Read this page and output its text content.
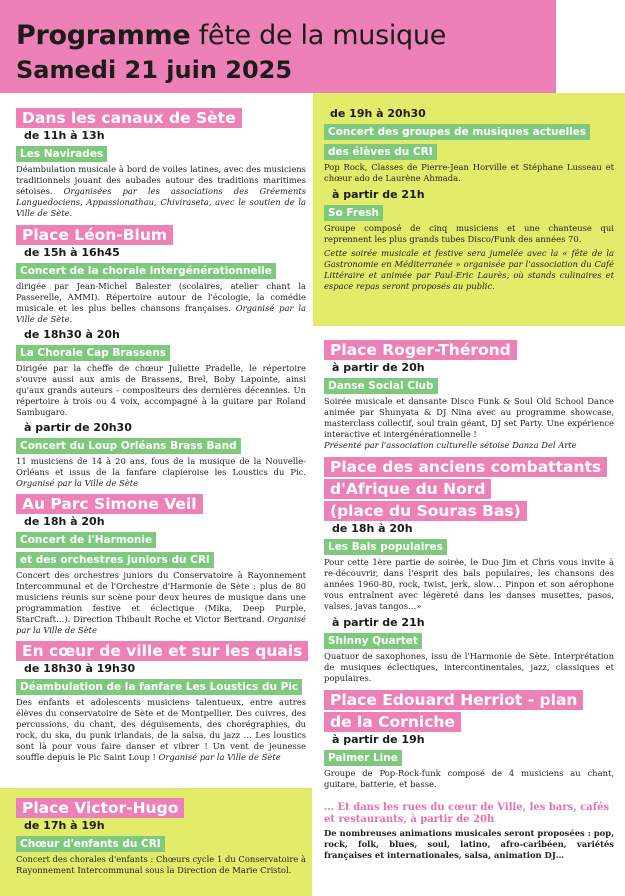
Programme fête de la musique
Samedi 21 juin 2025
Dans les canaux de Sète
de 11h à 13h
Les Navirades
Déambulation musicale à bord de voiles latines, avec des musiciens traditionnels jouant des aubades autour des traditions maritimes sétoises. Organisées par les associations des Gréements Languedociens, Appassionathau, Chiviraseta, avec le soutien de la Ville de Sète.
Place Léon-Blum
de 15h à 16h45
Concert de la chorale intergénérationnelle
dirigée par Jean-Michel Balester (scolaires, atelier chant la Passerelle, AMMI). Répertoire autour de l'écologie, la comédie musicale et les plus belles chansons françaises. Organisé par la Ville de Sète.
de 18h30 à 20h
La Chorale Cap Brassens
Dirigée par la cheffe de chœur Juliette Pradelle, le répertoire s'ouvre aussi aux amis de Brassens, Brel, Boby Lapointe, ainsi qu'aux grands auteurs - compositeurs des dernières décennies. Un répertoire à trois ou 4 voix, accompagné à la guitare par Roland Sambugaro.
à partir de 20h30
Concert du Loup Orléans Brass Band
11 musiciens de 14 à 20 ans, fous de la musique de la Nouvelle-Orléans et issus de la fanfare clapieroise les Loustics du Pic. Organisé par la Ville de Sète
Au Parc Simone Veil
de 18h à 20h
Concert de l'Harmonie
et des orchestres juniors du CRI
Concert des orchestres juniors du Conservatoire à Rayonnement Intercommunal et de l'Orchestre d'Harmonie de Sète : plus de 80 musiciens réunis sur scène pour deux heures de musique dans une programmation festive et éclectique (Mika, Deep Purple, StarCraft…). Direction Thibault Roche et Victor Bertrand. Organisé par la Ville de Sète
En cœur de ville et sur les quais
de 18h30 à 19h30
Déambulation de la fanfare Les Loustics du Pic
Des enfants et adolescents musiciens talentueux, entre autres élèves du conservatoire de Sète et de Montpellier. Des cuivres, des percussions, du chant, des déguisements, des chorégraphies, du rock, du ska, du punk irlandais, de la salsa, du jazz … Les loustics sont là pour vous faire danser et vibrer ! Un vent de jeunesse souffle depuis le Pic Saint Loup ! Organisé par la Ville de Sète
Place Victor-Hugo
de 17h à 19h
Chœur d'enfants du CRI
Concert des chorales d'enfants : Chœurs cycle 1 du Conservatoire à Rayonnement Intercommunal sous la Direction de Marie Cristol.
de 19h à 20h30
Concert des groupes de musiques actuelles
des élèves du CRI
Pop Rock, Classes de Pierre-Jean Horville et Stéphane Lusseau et chœur ado de Laurène Ahmada.
à partir de 21h
So Fresh
Groupe composé de cinq musiciens et une chanteuse qui reprennent les plus grands tubes Disco/Funk des années 70.
Cette soirée musicale et festive sera jumelée avec la « fête de la Gastronomie en Méditerranée » organisée par l'association du Café Littéraire et animée par Paul-Eric Laurès, où stands culinaires et espace repas seront proposés au public.
Place Roger-Thérond
à partir de 20h
Danse Social Club
Soirée musicale et dansante Disco Funk & Soul Old School Dance animée par Shunyata & DJ Nina avec au programme showcase, masterclass collectif, soul train géant, DJ set Party. Une expérience interactive et intergénérationnelle !
Présenté par l'association culturelle sétoise Danza Del Arte
Place des anciens combattants
d'Afrique du Nord
(place du Souras Bas)
de 18h à 20h
Les Bals populaires
Pour cette 1ère partie de soirée, le Duo Jim et Chris vous invite à re-découvrir, dans l'esprit des bals populaires, les chansons des années 1960-80, rock, twist, jerk, slow… Pinpon et son aérophone vous entraînent avec légèreté dans les danses musettes, pasos, valses, javas tangos…»
à partir de 21h
Shinny Quartet
Quatuor de saxophones, issu de l'Harmonie de Sète. Interprétation de musiques éclectiques, intercontinentales, jazz, classiques et populaires.
Place Edouard Herriot - plan
de la Corniche
à partir de 19h
Palmer Line
Groupe de Pop-Rock-funk composé de 4 musiciens au chant, guitare, batterie, et basse.
… Et dans les rues du cœur de Ville, les bars, cafés et restaurants, à partir de 20h
De nombreuses animations musicales seront proposées : pop, rock, folk, blues, soul, latino, afro-caribéen, variétés françaises et internationales, salsa, animation DJ…
